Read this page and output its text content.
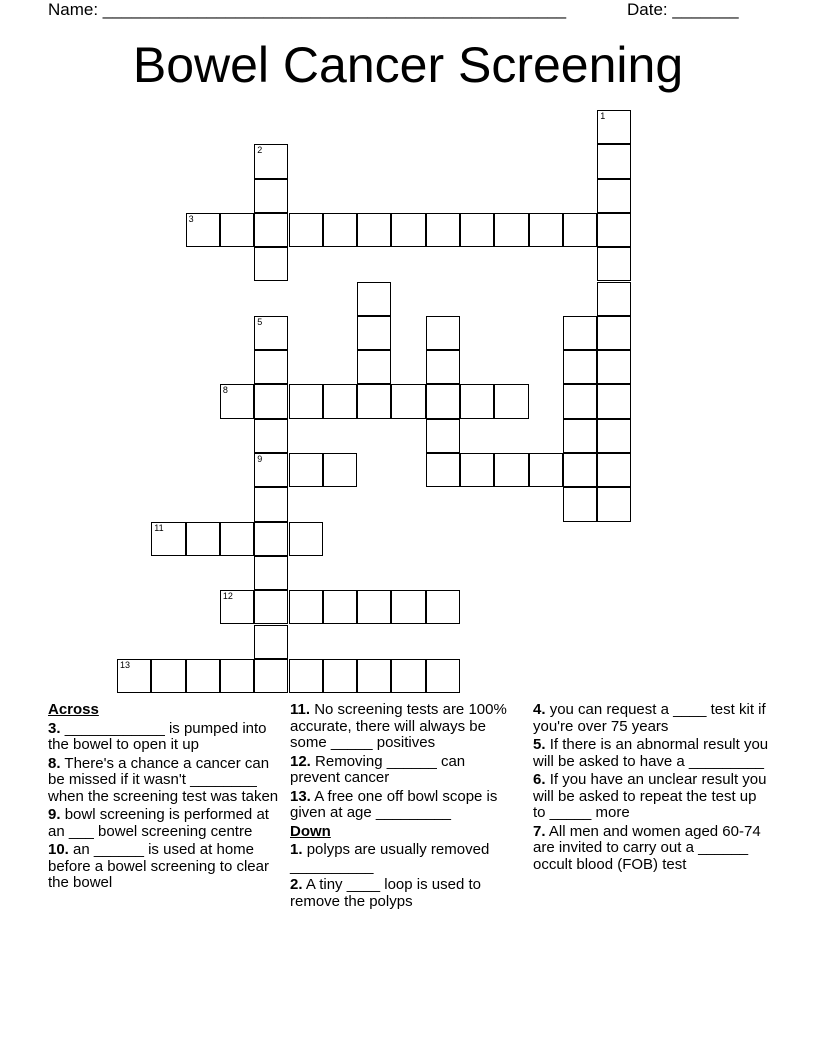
Name: _________________________________________________	Date: _______
Bowel Cancer Screening
1
2
3
5
9
8
11
12
13
Across
3. ____________ is pumped into the bowel to open it up
8. There's a chance a cancer can be missed if it wasn't ________ when the screening test was taken
9. bowl screening is performed at an ___ bowel screening centre
10. an ______ is used at home before a bowel screening to clear the bowel
11. No screening tests are 100% accurate, there will always be some _____ positives
12. Removing ______ can prevent cancer
13. A free one off bowl scope is given at age _________
Down
1. polyps are usually removed __________
2. A tiny ____ loop is used to remove the polyps
4. you can request a ____ test kit if you're over 75 years
5. If there is an abnormal result you will be asked to have a _________
6. If you have an unclear result you will be asked to repeat the test up to _____ more
7. All men and women aged 60-74 are invited to carry out a ______ occult blood (FOB) test
